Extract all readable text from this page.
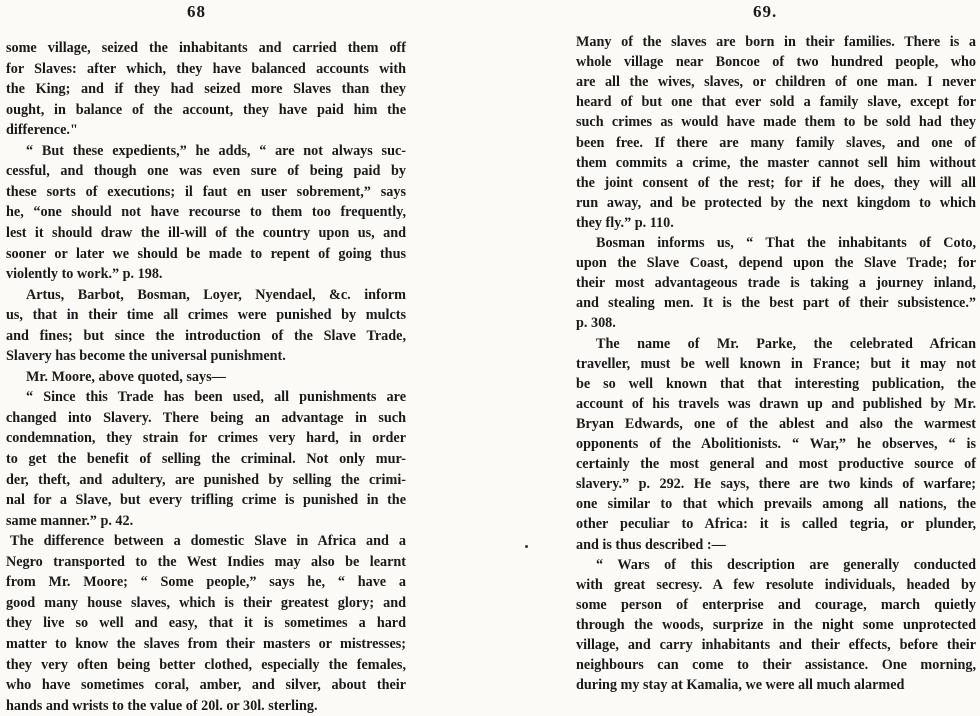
68
some village, seized the inhabitants and carried them off
for Slaves: after which, they have balanced accounts with
the King; and if they had seized more Slaves than they
ought, in balance of the account, they have paid him the
difference."
“ But these expedients,” he adds, “ are not always suc-
cessful, and though one was even sure of being paid by
these sorts of executions; il faut en user sobrement,” says
he, “one should not have recourse to them too frequently,
lest it should draw the ill-will of the country upon us, and
sooner or later we should be made to repent of going thus
violently to work.” p. 198.
Artus, Barbot, Bosman, Loyer, Nyendael, &c. inform
us, that in their time all crimes were punished by mulcts
and fines; but since the introduction of the Slave Trade,
Slavery has become the universal punishment.
Mr. Moore, above quoted, says—
“ Since this Trade has been used, all punishments are
changed into Slavery. There being an advantage in such
condemnation, they strain for crimes very hard, in order
to get the benefit of selling the criminal. Not only mur-
der, theft, and adultery, are punished by selling the crimi-
nal for a Slave, but every trifling crime is punished in the
same manner.” p. 42.
The difference between a domestic Slave in Africa and a
Negro transported to the West Indies may also be learnt
from Mr. Moore; “ Some people,” says he, “ have a
good many house slaves, which is their greatest glory; and
they live so well and easy, that it is sometimes a hard
matter to know the slaves from their masters or mistresses;
they very often being better clothed, especially the females,
who have sometimes coral, amber, and silver, about their
hands and wrists to the value of 20l. or 30l. sterling.
69.
Many of the slaves are born in their families. There is a
whole village near Boncoe of two hundred people, who
are all the wives, slaves, or children of one man. I never
heard of but one that ever sold a family slave, except for
such crimes as would have made them to be sold had they
been free. If there are many family slaves, and one of
them commits a crime, the master cannot sell him without
the joint consent of the rest; for if he does, they will all
run away, and be protected by the next kingdom to which
they fly.” p. 110.
Bosman informs us, “ That the inhabitants of Coto,
upon the Slave Coast, depend upon the Slave Trade; for
their most advantageous trade is taking a journey inland,
and stealing men. It is the best part of their subsistence.”
p. 308.
The name of Mr. Parke, the celebrated African
traveller, must be well known in France; but it may not
be so well known that that interesting publication, the
account of his travels was drawn up and published by Mr.
Bryan Edwards, one of the ablest and also the warmest
opponents of the Abolitionists. “ War,” he observes, “ is
certainly the most general and most productive source of
slavery.” p. 292. He says, there are two kinds of warfare;
one similar to that which prevails among all nations, the
other peculiar to Africa: it is called tegria, or plunder,
and is thus described :—
“ Wars of this description are generally conducted
with great secresy. A few resolute individuals, headed by
some person of enterprise and courage, march quietly
through the woods, surprize in the night some unprotected
village, and carry inhabitants and their effects, before their
neighbours can come to their assistance. One morning,
during my stay at Kamalia, we were all much alarmed
